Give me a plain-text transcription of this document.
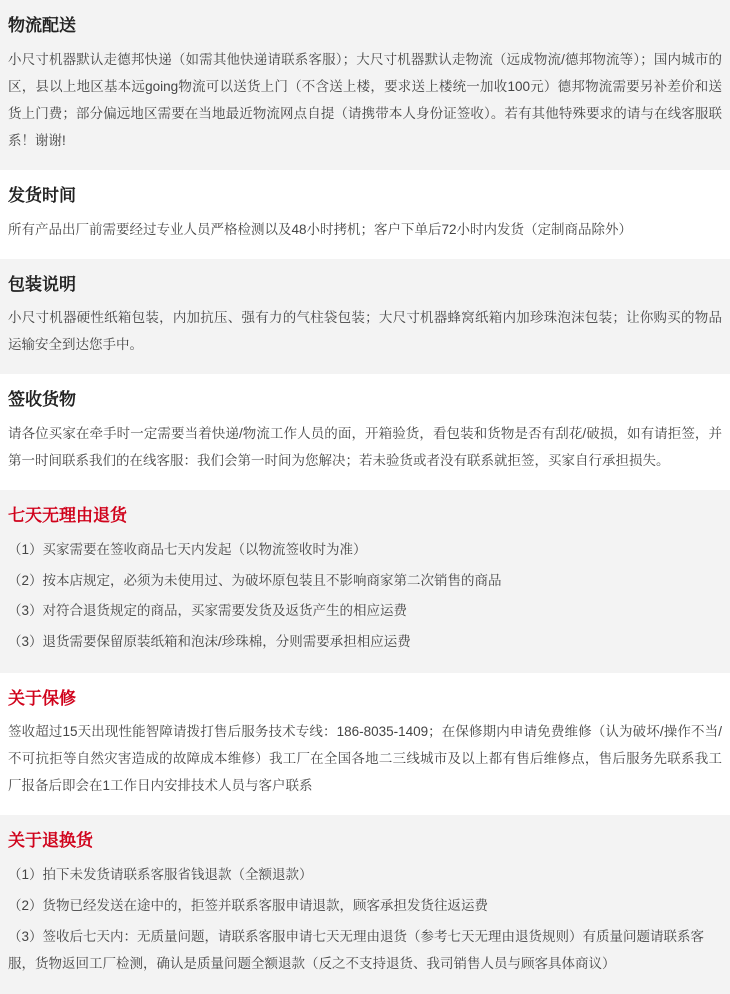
物流配送

小尺寸机器默认走德邦快递（如需其他快递请联系客服）；大尺寸机器默认走物流（远成物流/德邦物流等）；国内城市的区，县以上地区基本远going物流可以送货上门（不含送上楼，要求送上楼统一加收100元）德邦物流需要另补差价和送货上门费；部分偏远地区需要在当地最近物流网点自提（请携带本人身份证签收）。若有其他特殊要求的请与在线客服联系！谢谢!

发货时间

所有产品出厂前需要经过专业人员严格检测以及48小时拷机；客户下单后72小时内发货（定制商品除外）

包装说明

小尺寸机器硬性纸箱包装，内加抗压、强有力的气柱袋包装；大尺寸机器蜂窝纸箱内加珍珠泡沫包装；让你购买的物品运输安全到达您手中。

签收货物

请各位买家在牵手时一定需要当着快递/物流工作人员的面，开箱验货，看包装和货物是否有刮花/破损，如有请拒签，并第一时间联系我们的在线客服：我们会第一时间为您解决；若未验货或者没有联系就拒签，买家自行承担损失。

七天无理由退货

（1）买家需要在签收商品七天内发起（以物流签收时为准）

（2）按本店规定，必须为未使用过、为破坏原包装且不影响商家第二次销售的商品

（3）对符合退货规定的商品，买家需要发货及返货产生的相应运费

（3）退货需要保留原装纸箱和泡沫/珍珠棉，分则需要承担相应运费

关于保修

签收超过15天出现性能智障请拨打售后服务技术专线：186-8035-1409；在保修期内申请免费维修（认为破坏/操作不当/不可抗拒等自然灾害造成的故障成本维修）我工厂在全国各地二三线城市及以上都有售后维修点，售后服务先联系我工厂报备后即会在1工作日内安排技术人员与客户联系

关于退换货

（1）拍下未发货请联系客服省钱退款（全额退款）

（2）货物已经发送在途中的，拒签并联系客服申请退款，顾客承担发货往返运费

（3）签收后七天内：无质量问题，请联系客服申请七天无理由退货（参考七天无理由退货规则）有质量问题请联系客服，货物返回工厂检测，确认是质量问题全额退款（反之不支持退货、我司销售人员与顾客具体商议）
